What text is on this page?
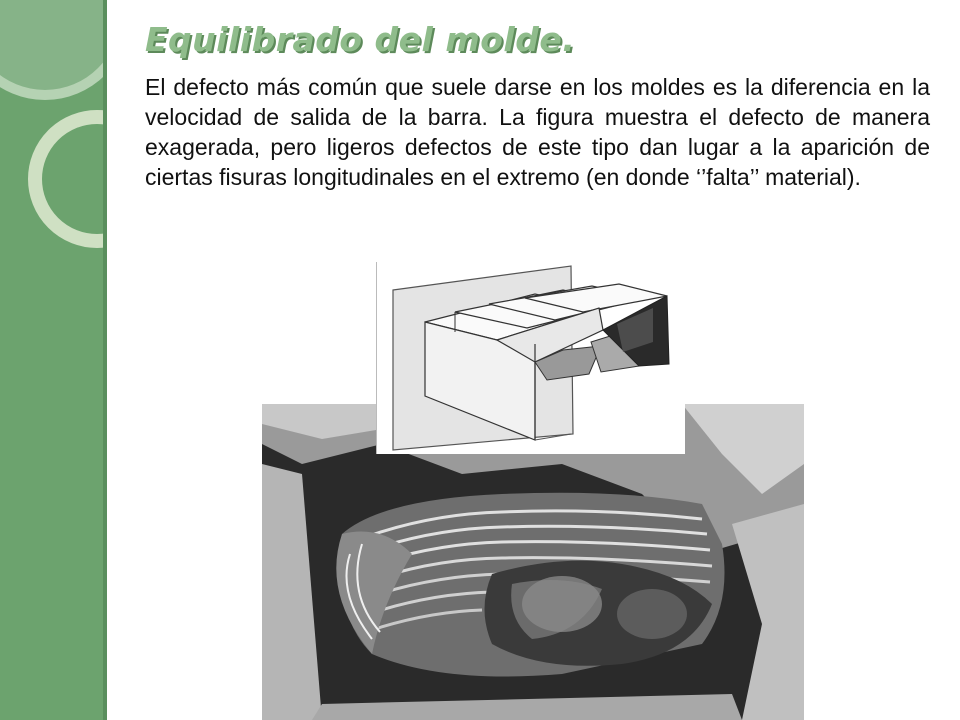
Equilibrado del molde.

El defecto más común que suele darse en los moldes es la diferencia en la velocidad de salida de la barra. La figura muestra el defecto de manera exagerada, pero ligeros defectos de este tipo dan lugar a la aparición de ciertas fisuras longitudinales en el extremo (en donde ‘’falta’’ material).
